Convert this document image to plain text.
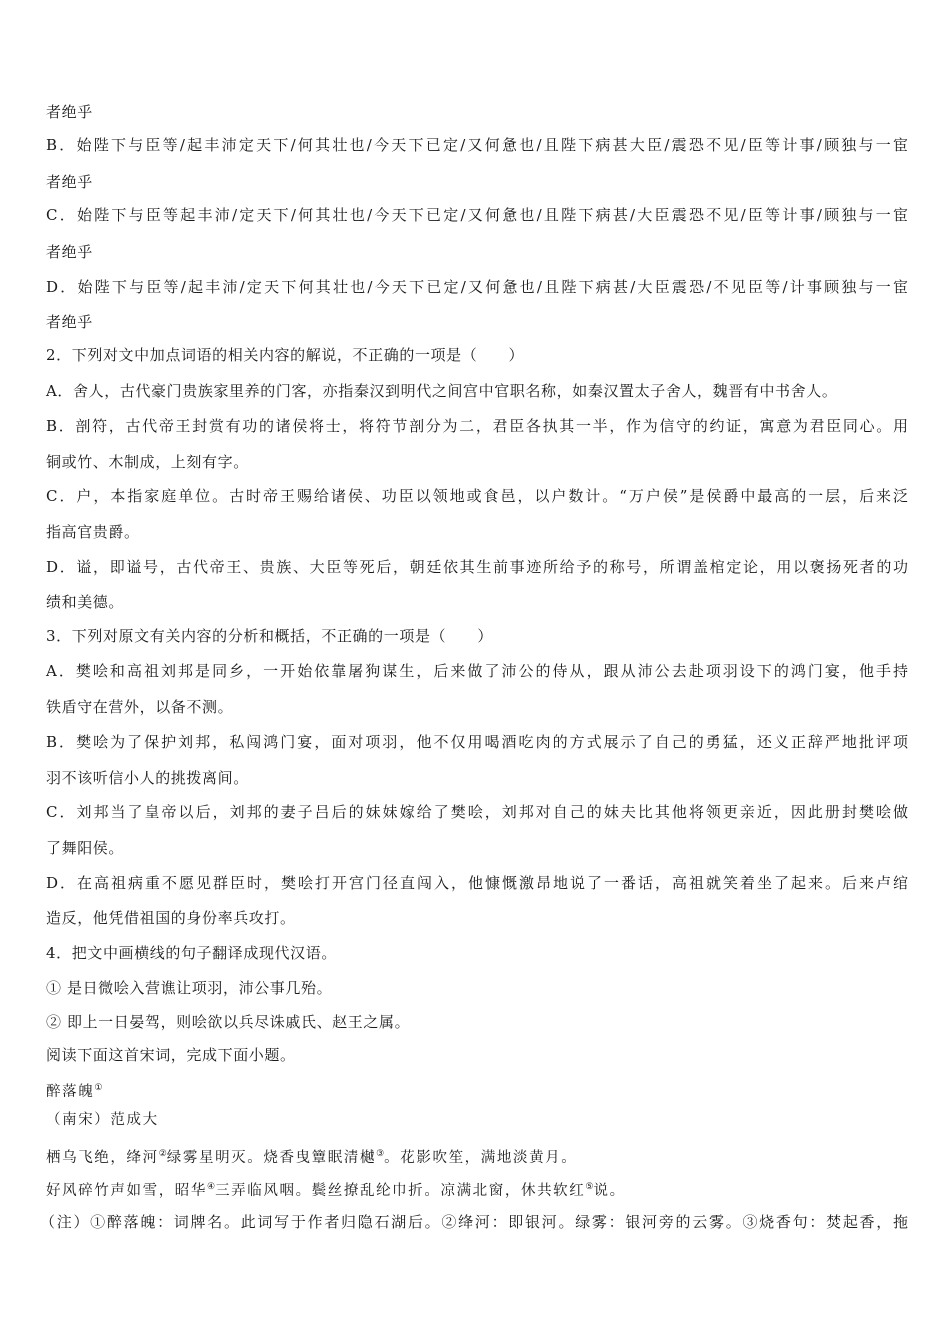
者绝乎
B．始陛下与臣等/起丰沛定天下/何其壮也/今天下已定/又何惫也/且陛下病甚大臣/震恐不见/臣等计事/顾独与一宦
者绝乎
C．始陛下与臣等起丰沛/定天下/何其壮也/今天下已定/又何惫也/且陛下病甚/大臣震恐不见/臣等计事/顾独与一宦
者绝乎
D．始陛下与臣等/起丰沛/定天下何其壮也/今天下已定/又何惫也/且陛下病甚/大臣震恐/不见臣等/计事顾独与一宦
者绝乎
2．下列对文中加点词语的相关内容的解说，不正确的一项是（　　）
A．舍人，古代豪门贵族家里养的门客，亦指秦汉到明代之间宫中官职名称，如秦汉置太子舍人，魏晋有中书舍人。
B．剖符，古代帝王封赏有功的诸侯将士，将符节剖分为二，君臣各执其一半，作为信守的约证，寓意为君臣同心。用
铜或竹、木制成，上刻有字。
C．户，本指家庭单位。古时帝王赐给诸侯、功臣以领地或食邑，以户数计。“万户侯”是侯爵中最高的一层，后来泛
指高官贵爵。
D．谥，即谥号，古代帝王、贵族、大臣等死后，朝廷依其生前事迹所给予的称号，所谓盖棺定论，用以褒扬死者的功
绩和美德。
3．下列对原文有关内容的分析和概括，不正确的一项是（　　）
A．樊哙和高祖刘邦是同乡，一开始依靠屠狗谋生，后来做了沛公的侍从，跟从沛公去赴项羽设下的鸿门宴，他手持
铁盾守在营外，以备不测。
B．樊哙为了保护刘邦，私闯鸿门宴，面对项羽，他不仅用喝酒吃肉的方式展示了自己的勇猛，还义正辞严地批评项
羽不该听信小人的挑拨离间。
C．刘邦当了皇帝以后，刘邦的妻子吕后的妹妹嫁给了樊哙，刘邦对自己的妹夫比其他将领更亲近，因此册封樊哙做
了舞阳侯。
D．在高祖病重不愿见群臣时，樊哙打开宫门径直闯入，他慷慨激昂地说了一番话，高祖就笑着坐了起来。后来卢绾
造反，他凭借祖国的身份率兵攻打。
4．把文中画横线的句子翻译成现代汉语。
① 是日微哙入营谯让项羽，沛公事几殆。
② 即上一日晏驾，则哙欲以兵尽诛戚氏、赵王之属。
阅读下面这首宋词，完成下面小题。
醉落魄①
（南宋）范成大
栖乌飞绝，绛河②绿雾星明灭。烧香曳簟眠清樾③。花影吹笙，满地淡黄月。
好风碎竹声如雪，昭华④三弄临风咽。鬓丝撩乱纶巾折。凉满北窗，休共软红⑤说。
（注）①醉落魄：词牌名。此词写于作者归隐石湖后。②绛河：即银河。绿雾：银河旁的云雾。③烧香句：焚起香，拖
